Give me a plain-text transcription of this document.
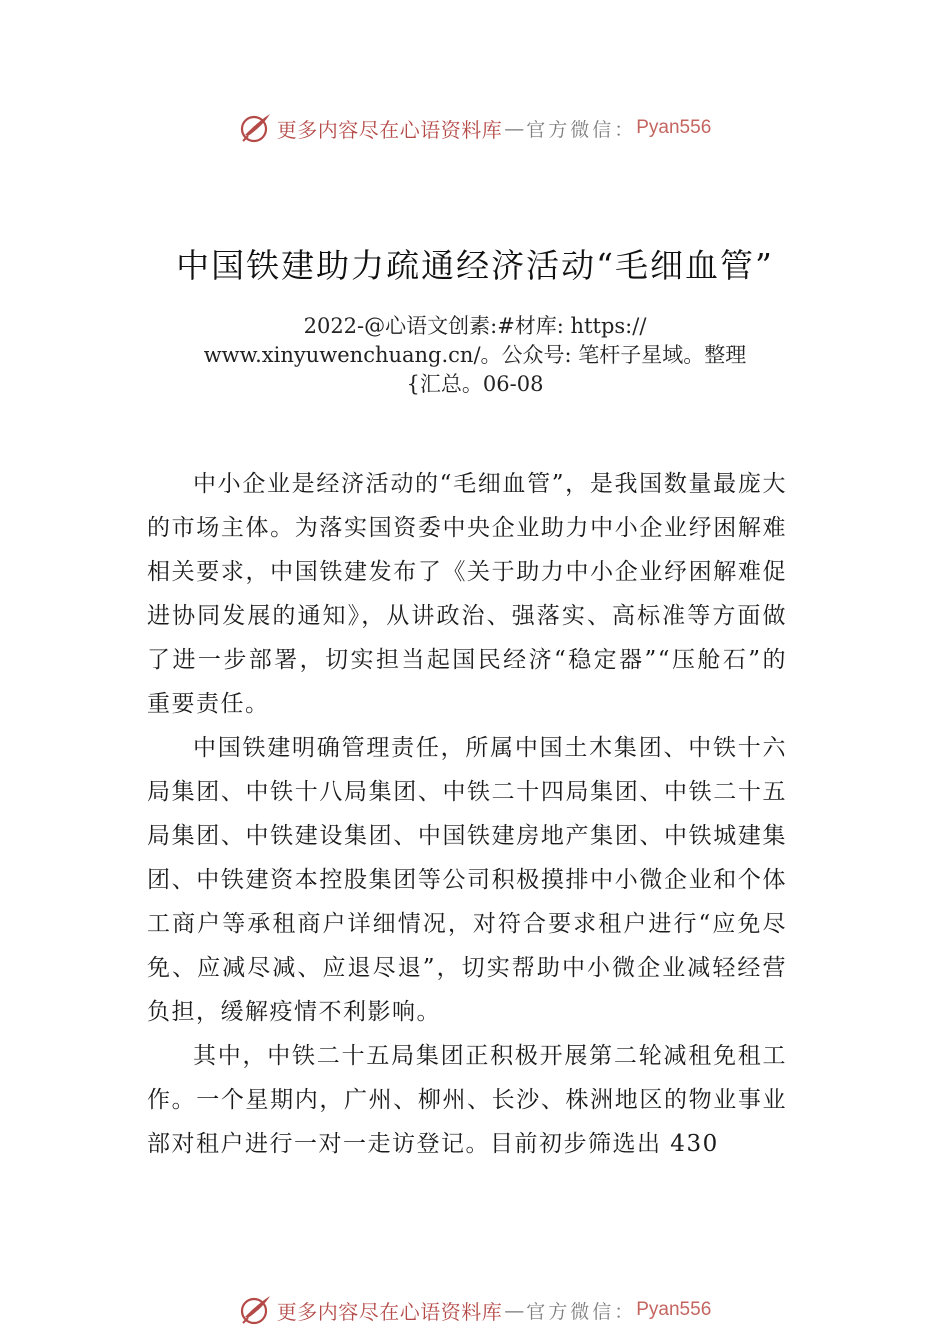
更多内容尽在心语资料库 — 官方微信： Pyan556
中国铁建助力疏通经济活动“毛细血管”
2022-@心语文创素:#材库: https://
www.xinyuwenchuang.cn/。公众号: 笔杆子星域。整理
{汇总。06-08

中小企业是经济活动的“毛细血管”，是我国数量最庞大的市场主体。为落实国资委中央企业助力中小企业纾困解难相关要求，中国铁建发布了《关于助力中小企业纾困解难促进协同发展的通知》，从讲政治、强落实、高标准等方面做了进一步部署，切实担当起国民经济“稳定器”“压舱石”的重要责任。

中国铁建明确管理责任，所属中国土木集团、中铁十六局集团、中铁十八局集团、中铁二十四局集团、中铁二十五局集团、中铁建设集团、中国铁建房地产集团、中铁城建集团、中铁建资本控股集团等公司积极摸排中小微企业和个体工商户等承租商户详细情况，对符合要求租户进行“应免尽免、应减尽减、应退尽退”，切实帮助中小微企业减轻经营负担，缓解疫情不利影响。

其中，中铁二十五局集团正积极开展第二轮减租免租工作。一个星期内，广州、柳州、长沙、株洲地区的物业事业部对租户进行一对一走访登记。目前初步筛选出 430

更多内容尽在心语资料库 — 官方微信： Pyan556
